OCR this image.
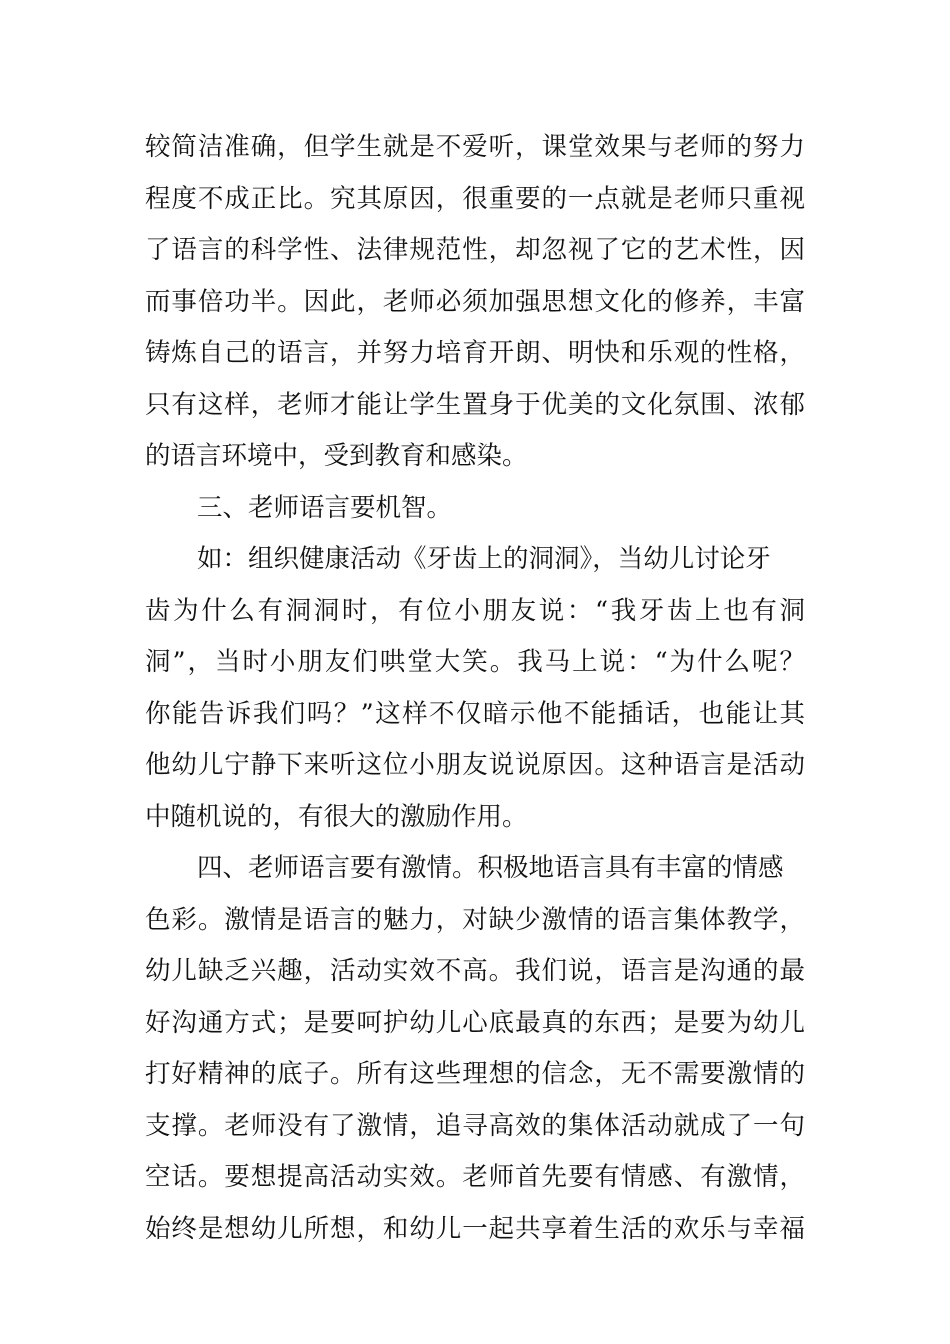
较简洁准确，但学生就是不爱听，课堂效果与老师的努力
程度不成正比。究其原因，很重要的一点就是老师只重视
了语言的科学性、法律规范性，却忽视了它的艺术性，因
而事倍功半。因此，老师必须加强思想文化的修养，丰富
铸炼自己的语言，并努力培育开朗、明快和乐观的性格，
只有这样，老师才能让学生置身于优美的文化氛围、浓郁
的语言环境中，受到教育和感染。
三、老师语言要机智。
如：组织健康活动《牙齿上的洞洞》，当幼儿讨论牙
齿为什么有洞洞时，有位小朋友说：“我牙齿上也有洞
洞”，当时小朋友们哄堂大笑。我马上说：“为什么呢？
你能告诉我们吗？”这样不仅暗示他不能插话，也能让其
他幼儿宁静下来听这位小朋友说说原因。这种语言是活动
中随机说的，有很大的激励作用。
四、老师语言要有激情。积极地语言具有丰富的情感
色彩。激情是语言的魅力，对缺少激情的语言集体教学，
幼儿缺乏兴趣，活动实效不高。我们说，语言是沟通的最
好沟通方式；是要呵护幼儿心底最真的东西；是要为幼儿
打好精神的底子。所有这些理想的信念，无不需要激情的
支撑。老师没有了激情，追寻高效的集体活动就成了一句
空话。要想提高活动实效。老师首先要有情感、有激情，
始终是想幼儿所想，和幼儿一起共享着生活的欢乐与幸福
